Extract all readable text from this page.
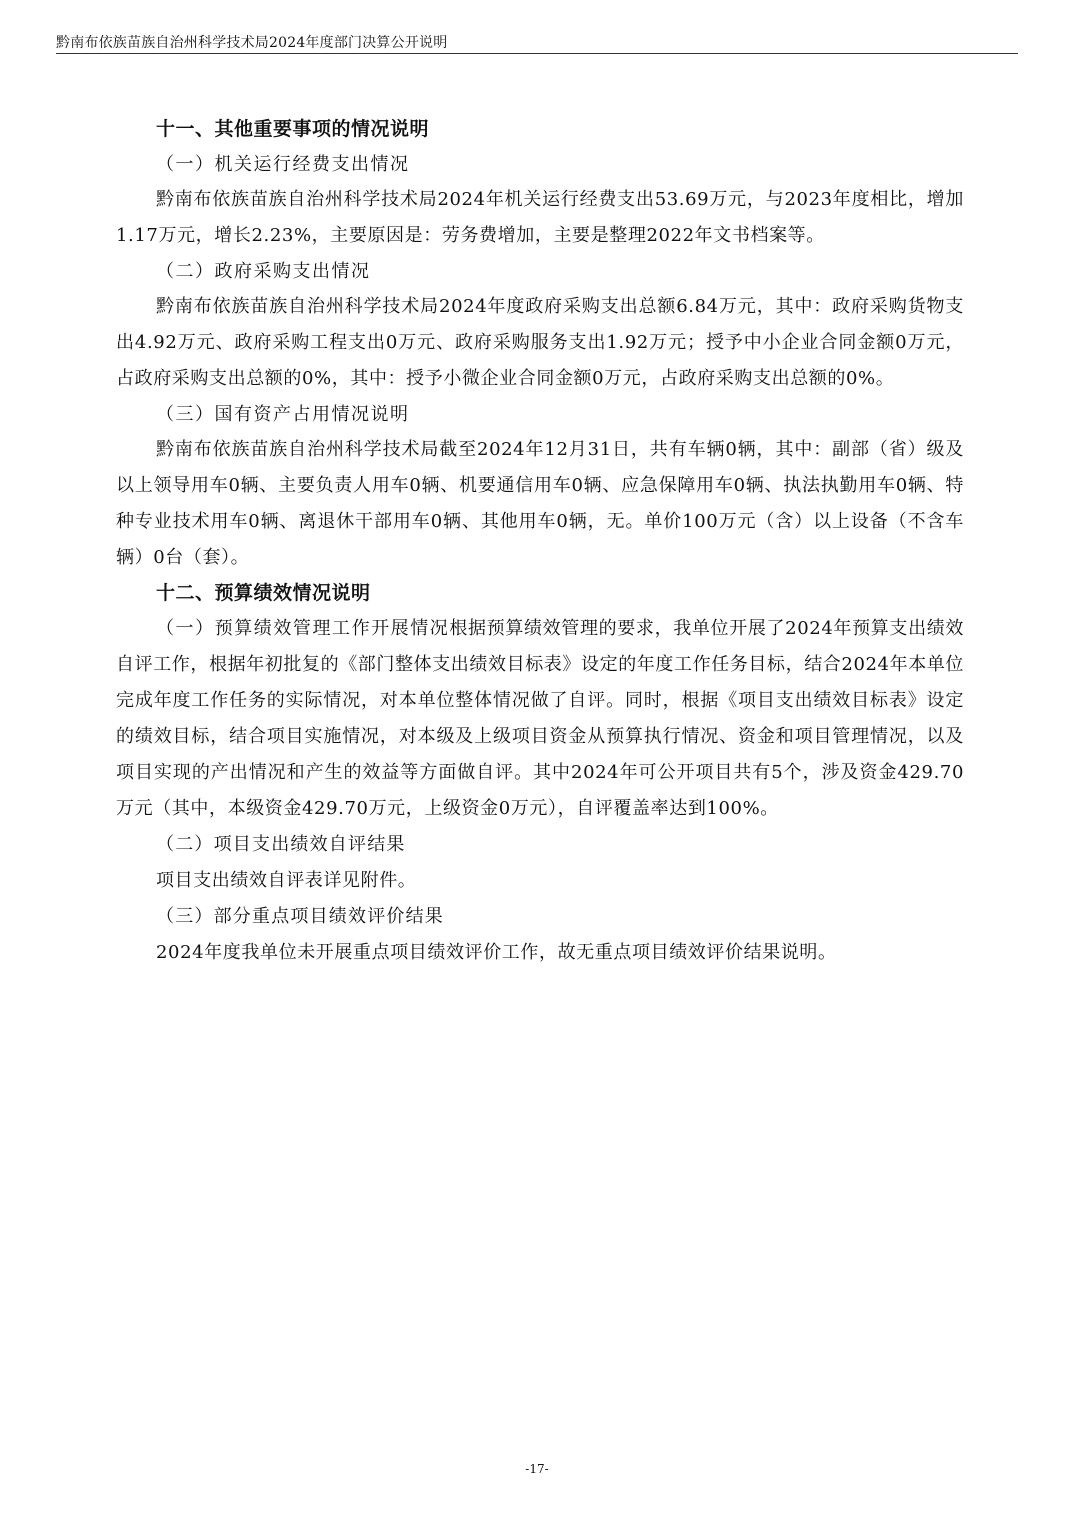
黔南布依族苗族自治州科学技术局2024年度部门决算公开说明
十一、其他重要事项的情况说明
（一）机关运行经费支出情况

黔南布依族苗族自治州科学技术局2024年机关运行经费支出53.69万元，与2023年度相比，增加1.17万元，增长2.23%，主要原因是：劳务费增加，主要是整理2022年文书档案等。

（二）政府采购支出情况

黔南布依族苗族自治州科学技术局2024年度政府采购支出总额6.84万元，其中：政府采购货物支出4.92万元、政府采购工程支出0万元、政府采购服务支出1.92万元；授予中小企业合同金额0万元，占政府采购支出总额的0%，其中：授予小微企业合同金额0万元，占政府采购支出总额的0%。

（三）国有资产占用情况说明

黔南布依族苗族自治州科学技术局截至2024年12月31日，共有车辆0辆，其中：副部（省）级及以上领导用车0辆、主要负责人用车0辆、机要通信用车0辆、应急保障用车0辆、执法执勤用车0辆、特种专业技术用车0辆、离退休干部用车0辆、其他用车0辆，无。单价100万元（含）以上设备（不含车辆）0台（套）。

十二、预算绩效情况说明

（一）预算绩效管理工作开展情况根据预算绩效管理的要求，我单位开展了2024年预算支出绩效自评工作，根据年初批复的《部门整体支出绩效目标表》设定的年度工作任务目标，结合2024年本单位完成年度工作任务的实际情况，对本单位整体情况做了自评。同时，根据《项目支出绩效目标表》设定的绩效目标，结合项目实施情况，对本级及上级项目资金从预算执行情况、资金和项目管理情况，以及项目实现的产出情况和产生的效益等方面做自评。其中2024年可公开项目共有5个，涉及资金429.70万元（其中，本级资金429.70万元，上级资金0万元），自评覆盖率达到100%。

（二）项目支出绩效自评结果
项目支出绩效自评表详见附件。
（三）部分重点项目绩效评价结果
2024年度我单位未开展重点项目绩效评价工作，故无重点项目绩效评价结果说明。
-17-
